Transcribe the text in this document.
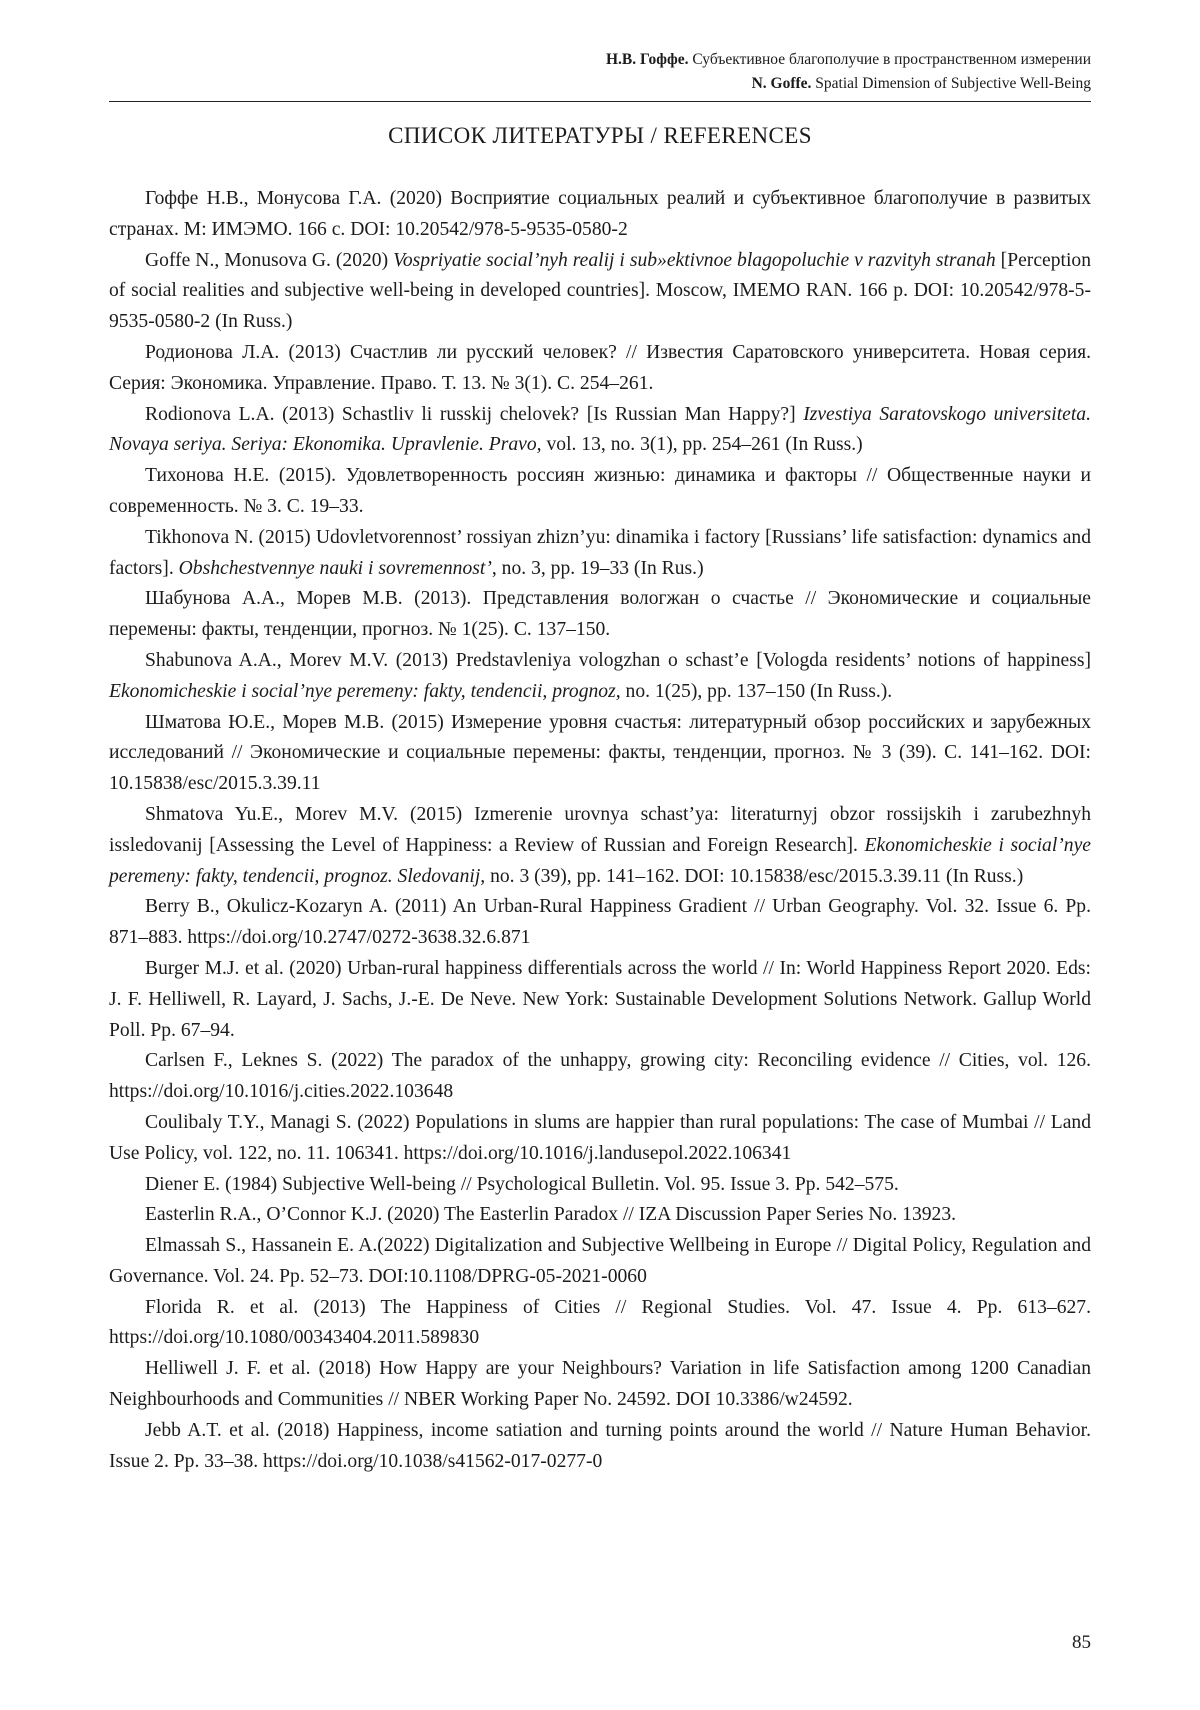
Н.В. Гоффе. Субъективное благополучие в пространственном измерении
N. Goffe. Spatial Dimension of Subjective Well-Being
СПИСОК ЛИТЕРАТУРЫ / REFERENCES

Гоффе Н.В., Монусова Г.А. (2020) Восприятие социальных реалий и субъективное благополучие в развитых странах. М: ИМЭМО. 166 с. DOI: 10.20542/978-5-9535-0580-2

Goffe N., Monusova G. (2020) Vospriyatie social’nyh realij i sub»ektivnoe blagopoluchie v razvityh stranah [Perception of social realities and subjective well-being in developed countries]. Moscow, IMEMO RAN. 166 p. DOI: 10.20542/978-5-9535-0580-2 (In Russ.)

Родионова Л.А. (2013) Счастлив ли русский человек? // Известия Саратовского университета. Новая серия. Серия: Экономика. Управление. Право. Т. 13. № 3(1). С. 254–261.

Rodionova L.A. (2013) Schastliv li russkij chelovek? [Is Russian Man Happy?] Izvestiya Saratovskogo universiteta. Novaya seriya. Seriya: Ekonomika. Upravlenie. Pravo, vol. 13, no. 3(1), pp. 254–261 (In Russ.)

Тихонова Н.Е. (2015). Удовлетворенность россиян жизнью: динамика и факторы // Общественные науки и современность. № 3. С. 19–33.

Tikhonova N. (2015) Udovletvorennost’ rossiyan zhizn’yu: dinamika i factory [Russians’ life satisfaction: dynamics and factors]. Obshchestvennye nauki i sovremennost’, no. 3, pp. 19–33 (In Rus.)

Шабунова А.А., Морев М.В. (2013). Представления вологжан о счастье // Экономические и социальные перемены: факты, тенденции, прогноз. № 1(25). С. 137–150.

Shabunova A.A., Morev M.V. (2013) Predstavleniya vologzhan o schast’e [Vologda residents’ notions of happiness] Ekonomicheskie i social’nye peremeny: fakty, tendencii, prognoz, no. 1(25), pp. 137–150 (In Russ.).

Шматова Ю.Е., Морев М.В. (2015) Измерение уровня счастья: литературный обзор российских и зарубежных исследований // Экономические и социальные перемены: факты, тенденции, прогноз. № 3 (39). С. 141–162. DOI: 10.15838/esc/2015.3.39.11

Shmatova Yu.E., Morev M.V. (2015) Izmerenie urovnya schast’ya: literaturnyj obzor rossijskih i zarubezhnyh issledovanij [Assessing the Level of Happiness: a Review of Russian and Foreign Research]. Ekonomicheskie i social’nye peremeny: fakty, tendencii, prognoz. Sledovanij, no. 3 (39), pp. 141–162. DOI: 10.15838/esc/2015.3.39.11 (In Russ.)

Berry B., Okulicz-Kozaryn A. (2011) An Urban-Rural Happiness Gradient // Urban Geography. Vol. 32. Issue 6. Pp. 871–883. https://doi.org/10.2747/0272-3638.32.6.871

Burger M.J. et al. (2020) Urban-rural happiness differentials across the world // In: World Happiness Report 2020. Eds: J. F. Helliwell, R. Layard, J. Sachs, J.-E. De Neve. New York: Sustainable Development Solutions Network. Gallup World Poll. Pp. 67–94.

Carlsen F., Leknes S. (2022) The paradox of the unhappy, growing city: Reconciling evidence // Cities, vol. 126. https://doi.org/10.1016/j.cities.2022.103648

Coulibaly T.Y., Managi S. (2022) Populations in slums are happier than rural populations: The case of Mumbai // Land Use Policy, vol. 122, no. 11. 106341. https://doi.org/10.1016/j.landusepol.2022.106341

Diener E. (1984) Subjective Well-being // Psychological Bulletin. Vol. 95. Issue 3. Pp. 542–575.

Easterlin R.A., O’Connor K.J. (2020) The Easterlin Paradox // IZA Discussion Paper Series No. 13923.

Elmassah S., Hassanein E. A.(2022) Digitalization and Subjective Wellbeing in Europe // Digital Policy, Regulation and Governance. Vol. 24. Pp. 52–73. DOI:10.1108/DPRG-05-2021-0060

Florida R. et al. (2013) The Happiness of Cities // Regional Studies. Vol. 47. Issue 4. Pp. 613–627. https://doi.org/10.1080/00343404.2011.589830

Helliwell J. F. et al. (2018) How Happy are your Neighbours? Variation in life Satisfaction among 1200 Canadian Neighbourhoods and Communities // NBER Working Paper No. 24592. DOI 10.3386/w24592.

Jebb A.T. et al. (2018) Happiness, income satiation and turning points around the world // Nature Human Behavior. Issue 2. Pp. 33–38. https://doi.org/10.1038/s41562-017-0277-0

85
